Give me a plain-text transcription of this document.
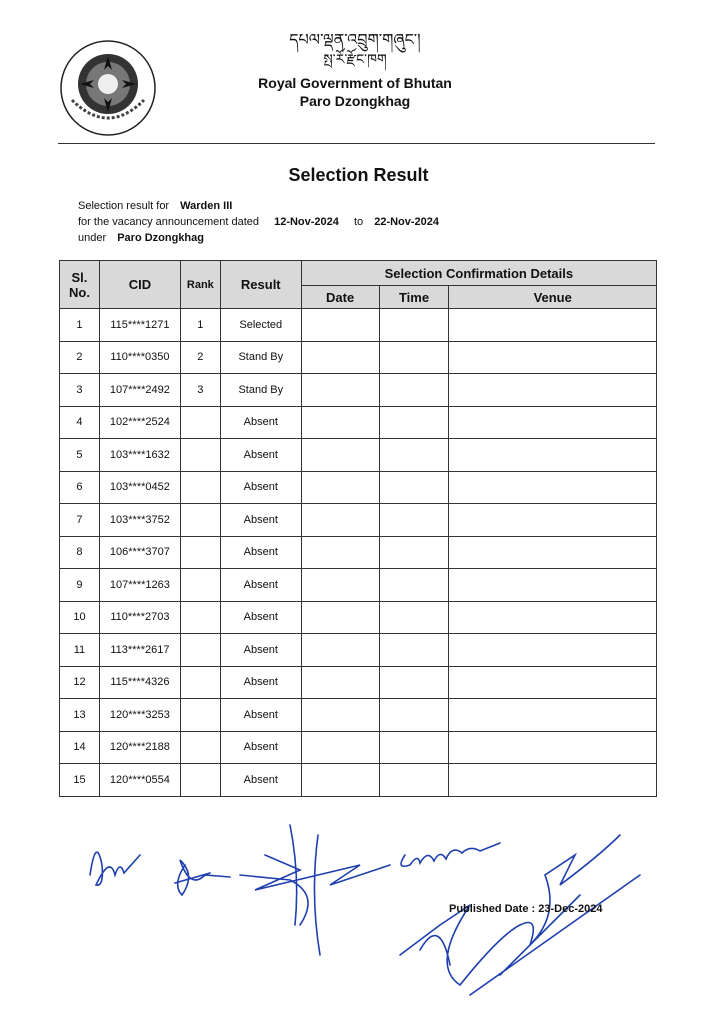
དཔལ་ལྡན་འབྲུག་གཞུང་།
སྤ་རོ་རྫོང་ཁག
Royal Government of Bhutan
Paro Dzongkhag
Selection Result
Selection result for Warden III
for the vacancy announcement dated 12-Nov-2024 to 22-Nov-2024
under Paro Dzongkhag
Sl. No.	CID	Rank	Result	Selection Confirmation Details		
				Date	Time	Venue
1	115****1271	1	Selected			
2	110****0350	2	Stand By			
3	107****2492	3	Stand By			
4	102****2524		Absent			
5	103****1632		Absent			
6	103****0452		Absent			
7	103****3752		Absent			
8	106****3707		Absent			
9	107****1263		Absent			
10	110****2703		Absent			
11	113****2617		Absent			
12	115****4326		Absent			
13	120****3253		Absent			
14	120****2188		Absent			
15	120****0554		Absent			
Published Date : 23-Dec-2024
